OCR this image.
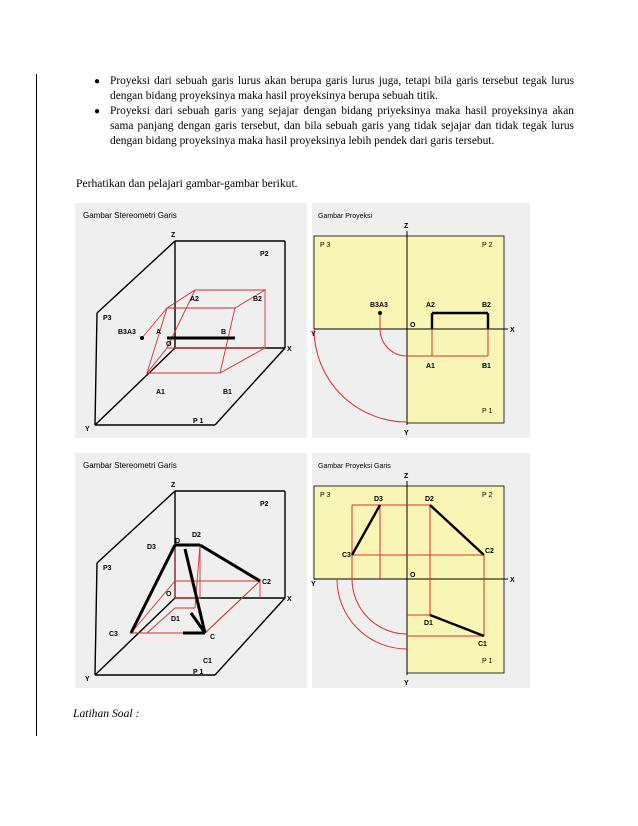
● Proyeksi dari sebuah garis lurus akan berupa garis lurus juga, tetapi bila garis tersebut tegak lurus dengan bidang proyeksinya maka hasil proyeksinya berupa sebuah titik.
● Proyeksi dari sebuah garis yang sejajar dengan bidang priyeksinya maka hasil proyeksinya akan sama panjang dengan garis tersebut, dan bila sebuah garis yang tidak sejajar dan tidak tegak lurus dengan bidang proyeksinya maka hasil proyeksinya lebih pendek dari garis tersebut.
Perhatikan dan pelajari gambar-gambar berikut.
Gambar Stereometri Garis
Z
X
Y
O
P2
P3
P 1
A	B
A2	B2
A1	B1
B3A3
Gambar Proyeksi
Z
X
Y
Y
O
P 2
P 3
P 1
B3A3	A2	B2
A1	B1
Gambar Stereometri Garis
Z
X
Y
O
P2
P3
P 1
D
D2
D3
D1
C
C1
C2
C3
Gambar Proyeksi Garis
Z
X
Y
Y
O
P 2
P 3
P 1
D3	D2
C3
C2
D1
C1
Latihan Soal :
